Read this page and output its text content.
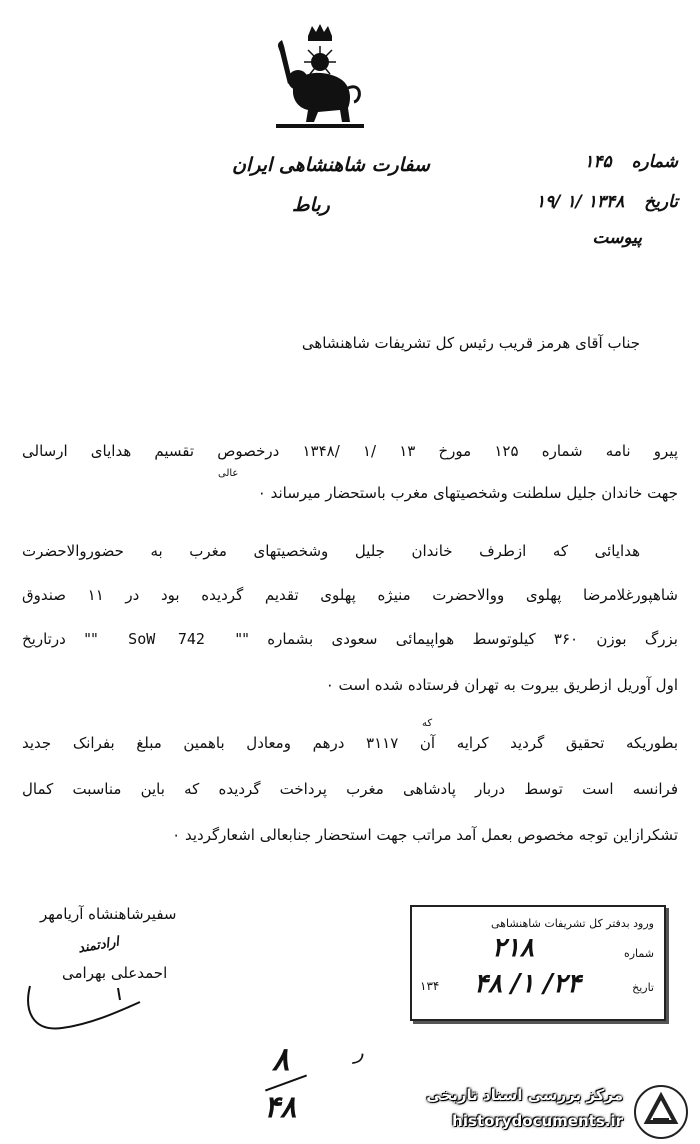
شماره ۱۴۵
تاریخ ۱۳۴۸ /۱ /۱۹
پیوست
سفارت شاهنشاهی ایران
رباط
جناب آقای هرمز قریب رئیس کل تشریفات شاهنشاهی
پیرو نامه شماره ۱۲۵ مورخ ۱۳ /۱ /۱۳۴۸ درخصوص تقسیم هدایای ارسالی
عالی
جهت خاندان جلیل سلطنت وشخصیتهای مغرب باستحضار میرساند ٠
هدایائی که ازطرف خاندان جلیل وشخصیتهای مغرب به حضوروالاحضرت
شاهپورغلامرضا پهلوی ووالاحضرت منیژه پهلوی تقدیم گردیده بود در ۱۱ صندوق
بزرگ بوزن ۳۶۰ کیلوتوسط هواپیمائی سعودی بشماره "" SoW 742 "" درتاریخ
اول آوریل ازطریق بیروت به تهران فرستاده شده است ٠
که
بطوریکه تحقیق گردید کرایه آن ۳۱۱۷ درهم ومعادل باهمین مبلغ بفرانک جدید
فرانسه است توسط دربار پادشاهی مغرب پرداخت گردیده که باین مناسبت کمال
تشکرازاین توجه مخصوص بعمل آمد مراتب جهت استحضار جنابعالی اشعارگردید ٠
سفیرشاهنشاه آریامهر
ارادتمند
احمدعلی بهرامی
ورود بدفتر کل تشریفات شاهنشاهی
شماره
۲۱۸
تاریخ
۱۳۴ ۴۸ /۱ /۲۴
۸
۴۸
ر
مرکز بررسی اسناد تاریخی
historydocuments.ir
